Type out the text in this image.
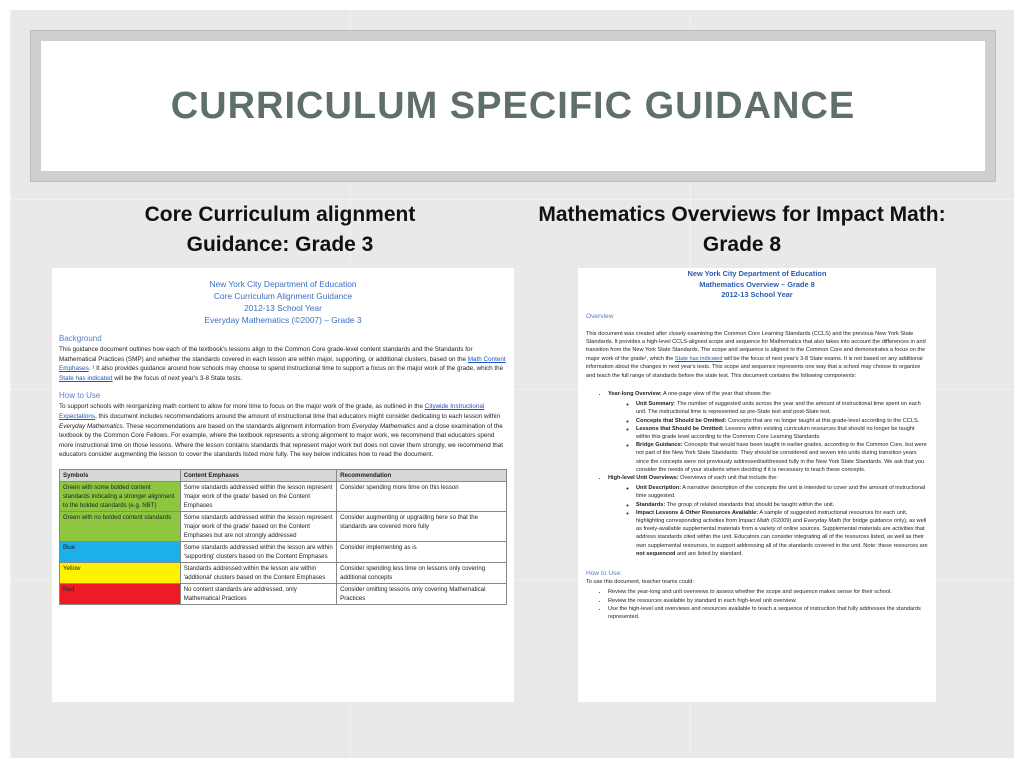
CURRICULUM SPECIFIC GUIDANCE
Core Curriculum alignment Guidance: Grade 3
Mathematics Overviews for Impact Math: Grade 8
New York City Department of Education
Core Curriculum Alignment Guidance
2012-13 School Year
Everyday Mathematics (©2007) – Grade 3
Background

This guidance document outlines how each of the textbook's lessons align to the Common Core grade-level content standards and the Standards for Mathematical Practices (SMP) and whether the standards covered in each lesson are within major, supporting, or additional clusters, based on the Math Content Emphases. ¹ It also provides guidance around how schools may choose to spend instructional time to support a focus on the major work of the grade, which the State has indicated will be the focus of next year's 3-8 State tests.

How to Use

To support schools with reorganizing math content to allow for more time to focus on the major work of the grade, as outlined in the Citywide Instructional Expectations, this document includes recommendations around the amount of instructional time that educators might consider dedicating to each lesson within Everyday Mathematics. These recommendations are based on the standards alignment information from Everyday Mathematics and a close examination of the textbook by the Common Core Fellows. For example, where the textbook represents a strong alignment to major work, we recommend that educators spend more instructional time on those lessons. Where the lesson contains standards that represent major work but does not cover them strongly, we recommend that educators consider augmenting the lesson to cover the standards listed more fully. The key below indicates how to read the document.

Symbols	Content Emphases	Recommendation
Green with some bolded content standards indicating a stronger alignment to the bolded standards (e.g. NBT)	Some standards addressed within the lesson represent 'major work of the grade' based on the Content Emphases	Consider spending more time on this lesson
Green with no bolded content standards	Some standards addressed within the lesson represent 'major work of the grade' based on the Content Emphases but are not strongly addressed	Consider augmenting or upgrading here so that the standards are covered more fully
Blue	Some standards addressed within the lesson are within 'supporting' clusters based on the Content Emphases	Consider implementing as is
Yellow	Standards addressed within the lesson are within 'additional' clusters based on the Content Emphases	Consider spending less time on lessons only covering additional concepts
Red	No content standards are addressed, only Mathematical Practices	Consider omitting lessons only covering Mathematical Practices
New York City Department of Education
Mathematics Overview – Grade 8
2012-13 School Year
Overview

This document was created after closely examining the Common Core Learning Standards (CCLS) and the previous New York State Standards. It provides a high-level CCLS-aligned scope and sequence for Mathematics that also takes into account the differences in and transition from the New York State Standards. The scope and sequence is aligned to the Common Core and demonstrates a focus on the major work of the grade¹, which the State has indicated will be the focus of next year's 3-8 State exams. It is not based on any additional information about the changes in next year's tests. This scope and sequence represents one way that a school may choose to organize and teach the full range of standards before the state test. This document contains the following components:

• Year-long Overview: A one-page view of the year that shows the:
◦ Unit Summary: The number of suggested units across the year and the amount of instructional time spent on each unit. The instructional time is represented as pre-State test and post-State test.
◦ Concepts that Should be Omitted: Concepts that are no longer taught at this grade-level according to the CCLS.
◦ Lessons that Should be Omitted: Lessons within existing curriculum resources that should no longer be taught within this grade level according to the Common Core Learning Standards.
◦ Bridge Guidance: Concepts that would have been taught in earlier grades, according to the Common Core, but were not part of the New York State Standards. They should be considered and woven into units during transition years since the concepts were not previously addressed/addressed fully in the New York State Standards. We ask that you consider the needs of your students when deciding if it is necessary to teach these concepts.
• High-level Unit Overviews: Overviews of each unit that include the:
◦ Unit Description: A narrative description of the concepts the unit is intended to cover and the amount of instructional time suggested.
◦ Standards: The group of related standards that should be taught within the unit.
◦ Impact Lessons & Other Resources Available: A sample of suggested instructional resources for each unit, highlighting corresponding activities from Impact Math (©2009) and Everyday Math (for bridge guidance only), as well as freely-available supplemental materials from a variety of online sources. Supplemental materials are activities that address standards cited within the unit. Educators can consider integrating all of the resources listed, as well as their own supplemental resources, to support addressing all of the standards covered in the unit. Note: these resources are not sequenced and are listed by standard.
How to Use:

To use this document, teacher teams could:

• Review the year-long and unit overviews to assess whether the scope and sequence makes sense for their school.
• Review the resources available by standard in each high-level unit overview.
• Use the high-level unit overviews and resources available to teach a sequence of instruction that fully addresses the standards represented.
